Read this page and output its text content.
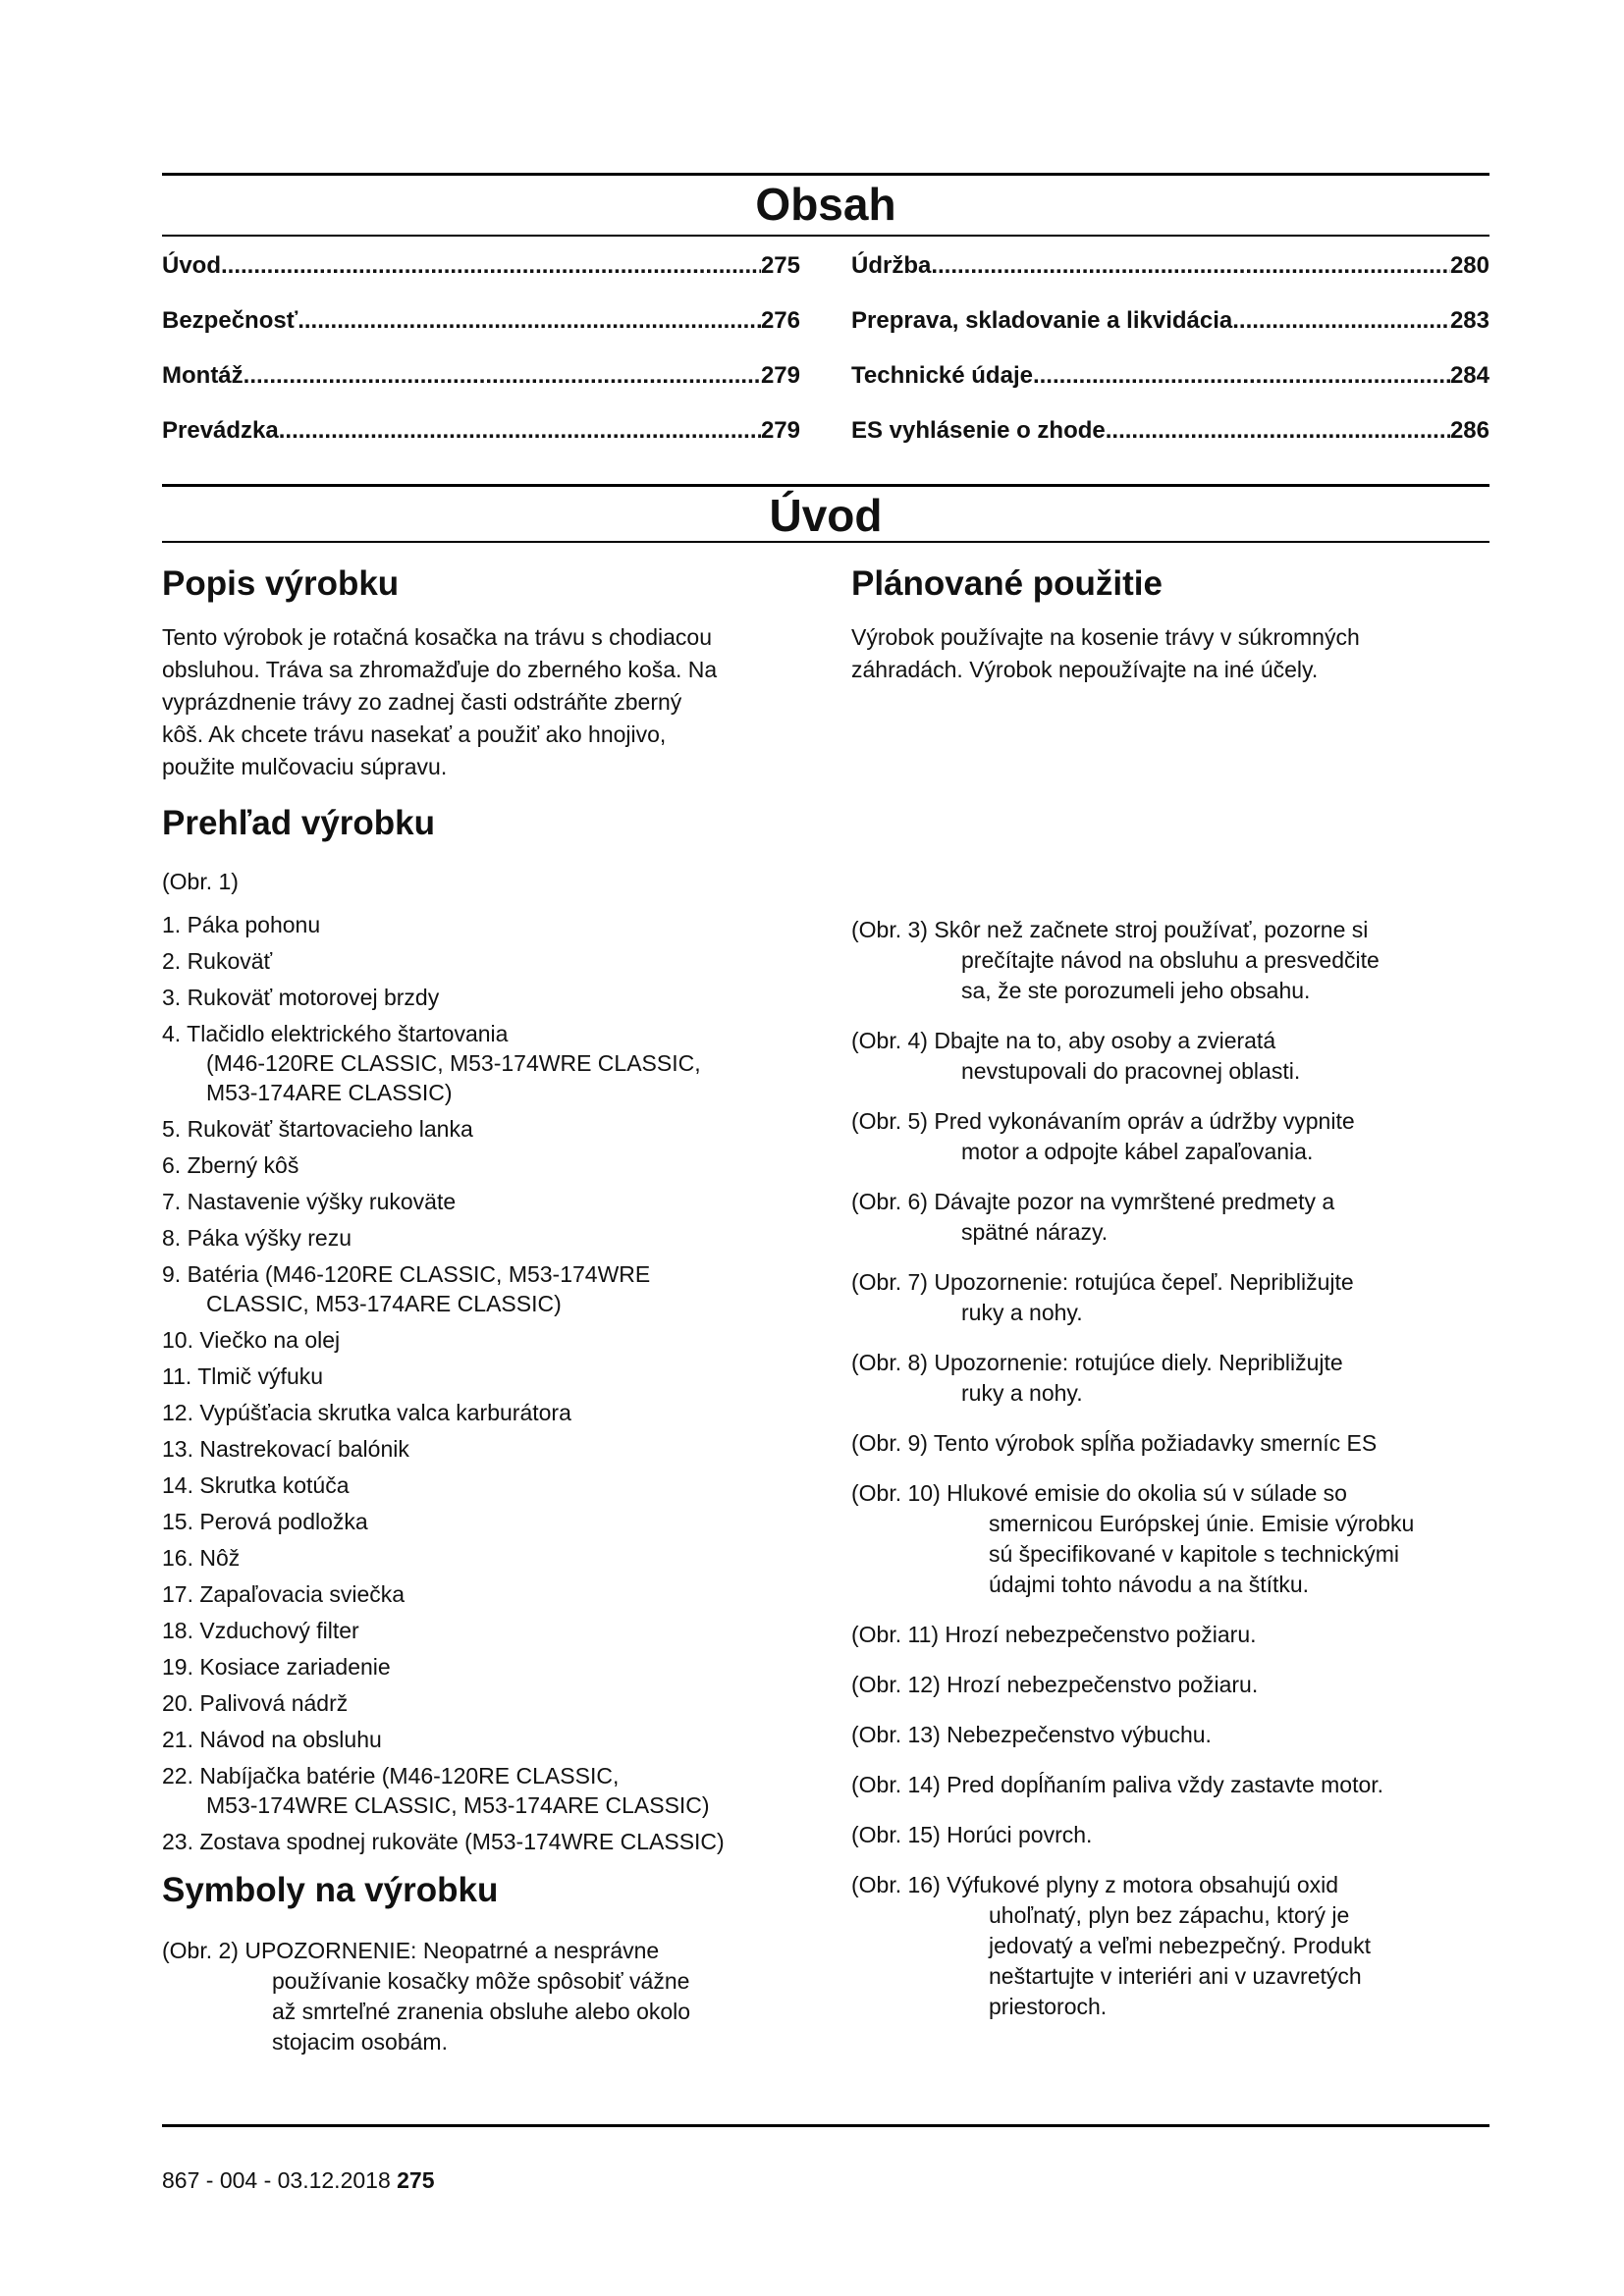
Obsah
Úvod .....	275
Bezpečnosť .....	276
Montáž .....	279
Prevádzka .....	279
Údržba .....	280
Preprava, skladovanie a likvidácia .....	283
Technické údaje .....	284
ES vyhlásenie o zhode .....	286
Úvod
Popis výrobku
Tento výrobok je rotačná kosačka na trávu s chodiacou
obsluhou. Tráva sa zhromažďuje do zberného koša. Na
vyprázdnenie trávy zo zadnej časti odstráňte zberný
kôš. Ak chcete trávu nasekať a použiť ako hnojivo,
použite mulčovaciu súpravu.
Plánované použitie
Výrobok používajte na kosenie trávy v súkromných
záhradách. Výrobok nepoužívajte na iné účely.
Prehľad výrobku
(Obr. 1)
1. Páka pohonu
2. Rukoväť
3. Rukoväť motorovej brzdy
4. Tlačidlo elektrického štartovania
(M46-120RE CLASSIC, M53-174WRE CLASSIC,
M53-174ARE CLASSIC)
5. Rukoväť štartovacieho lanka
6. Zberný kôš
7. Nastavenie výšky rukoväte
8. Páka výšky rezu
9. Batéria (M46-120RE CLASSIC, M53-174WRE
CLASSIC, M53-174ARE CLASSIC)
10. Viečko na olej
11. Tlmič výfuku
12. Vypúšťacia skrutka valca karburátora
13. Nastrekovací balónik
14. Skrutka kotúča
15. Perová podložka
16. Nôž
17. Zapaľovacia sviečka
18. Vzduchový filter
19. Kosiace zariadenie
20. Palivová nádrž
21. Návod na obsluhu
22. Nabíjačka batérie (M46-120RE CLASSIC,
M53-174WRE CLASSIC, M53-174ARE CLASSIC)
23. Zostava spodnej rukoväte (M53-174WRE CLASSIC)
Symboly na výrobku
(Obr. 2) UPOZORNENIE: Neopatrné a nesprávne
používanie kosačky môže spôsobiť vážne
až smrteľné zranenia obsluhe alebo okolo
stojacim osobám.
(Obr. 3) Skôr než začnete stroj používať, pozorne si
prečítajte návod na obsluhu a presvedčite
sa, že ste porozumeli jeho obsahu.
(Obr. 4) Dbajte na to, aby osoby a zvieratá
nevstupovali do pracovnej oblasti.
(Obr. 5) Pred vykonávaním opráv a údržby vypnite
motor a odpojte kábel zapaľovania.
(Obr. 6) Dávajte pozor na vymrštené predmety a
spätné nárazy.
(Obr. 7) Upozornenie: rotujúca čepeľ. Nepribližujte
ruky a nohy.
(Obr. 8) Upozornenie: rotujúce diely. Nepribližujte
ruky a nohy.
(Obr. 9) Tento výrobok spĺňa požiadavky smerníc ES
(Obr. 10) Hlukové emisie do okolia sú v súlade so
smernicou Európskej únie. Emisie výrobku
sú špecifikované v kapitole s technickými
údajmi tohto návodu a na štítku.
(Obr. 11) Hrozí nebezpečenstvo požiaru.
(Obr. 12) Hrozí nebezpečenstvo požiaru.
(Obr. 13) Nebezpečenstvo výbuchu.
(Obr. 14) Pred dopĺňaním paliva vždy zastavte motor.
(Obr. 15) Horúci povrch.
(Obr. 16) Výfukové plyny z motora obsahujú oxid
uhoľnatý, plyn bez zápachu, ktorý je
jedovatý a veľmi nebezpečný. Produkt
neštartujte v interiéri ani v uzavretých
priestoroch.
867 - 004 - 03.12.2018 275
